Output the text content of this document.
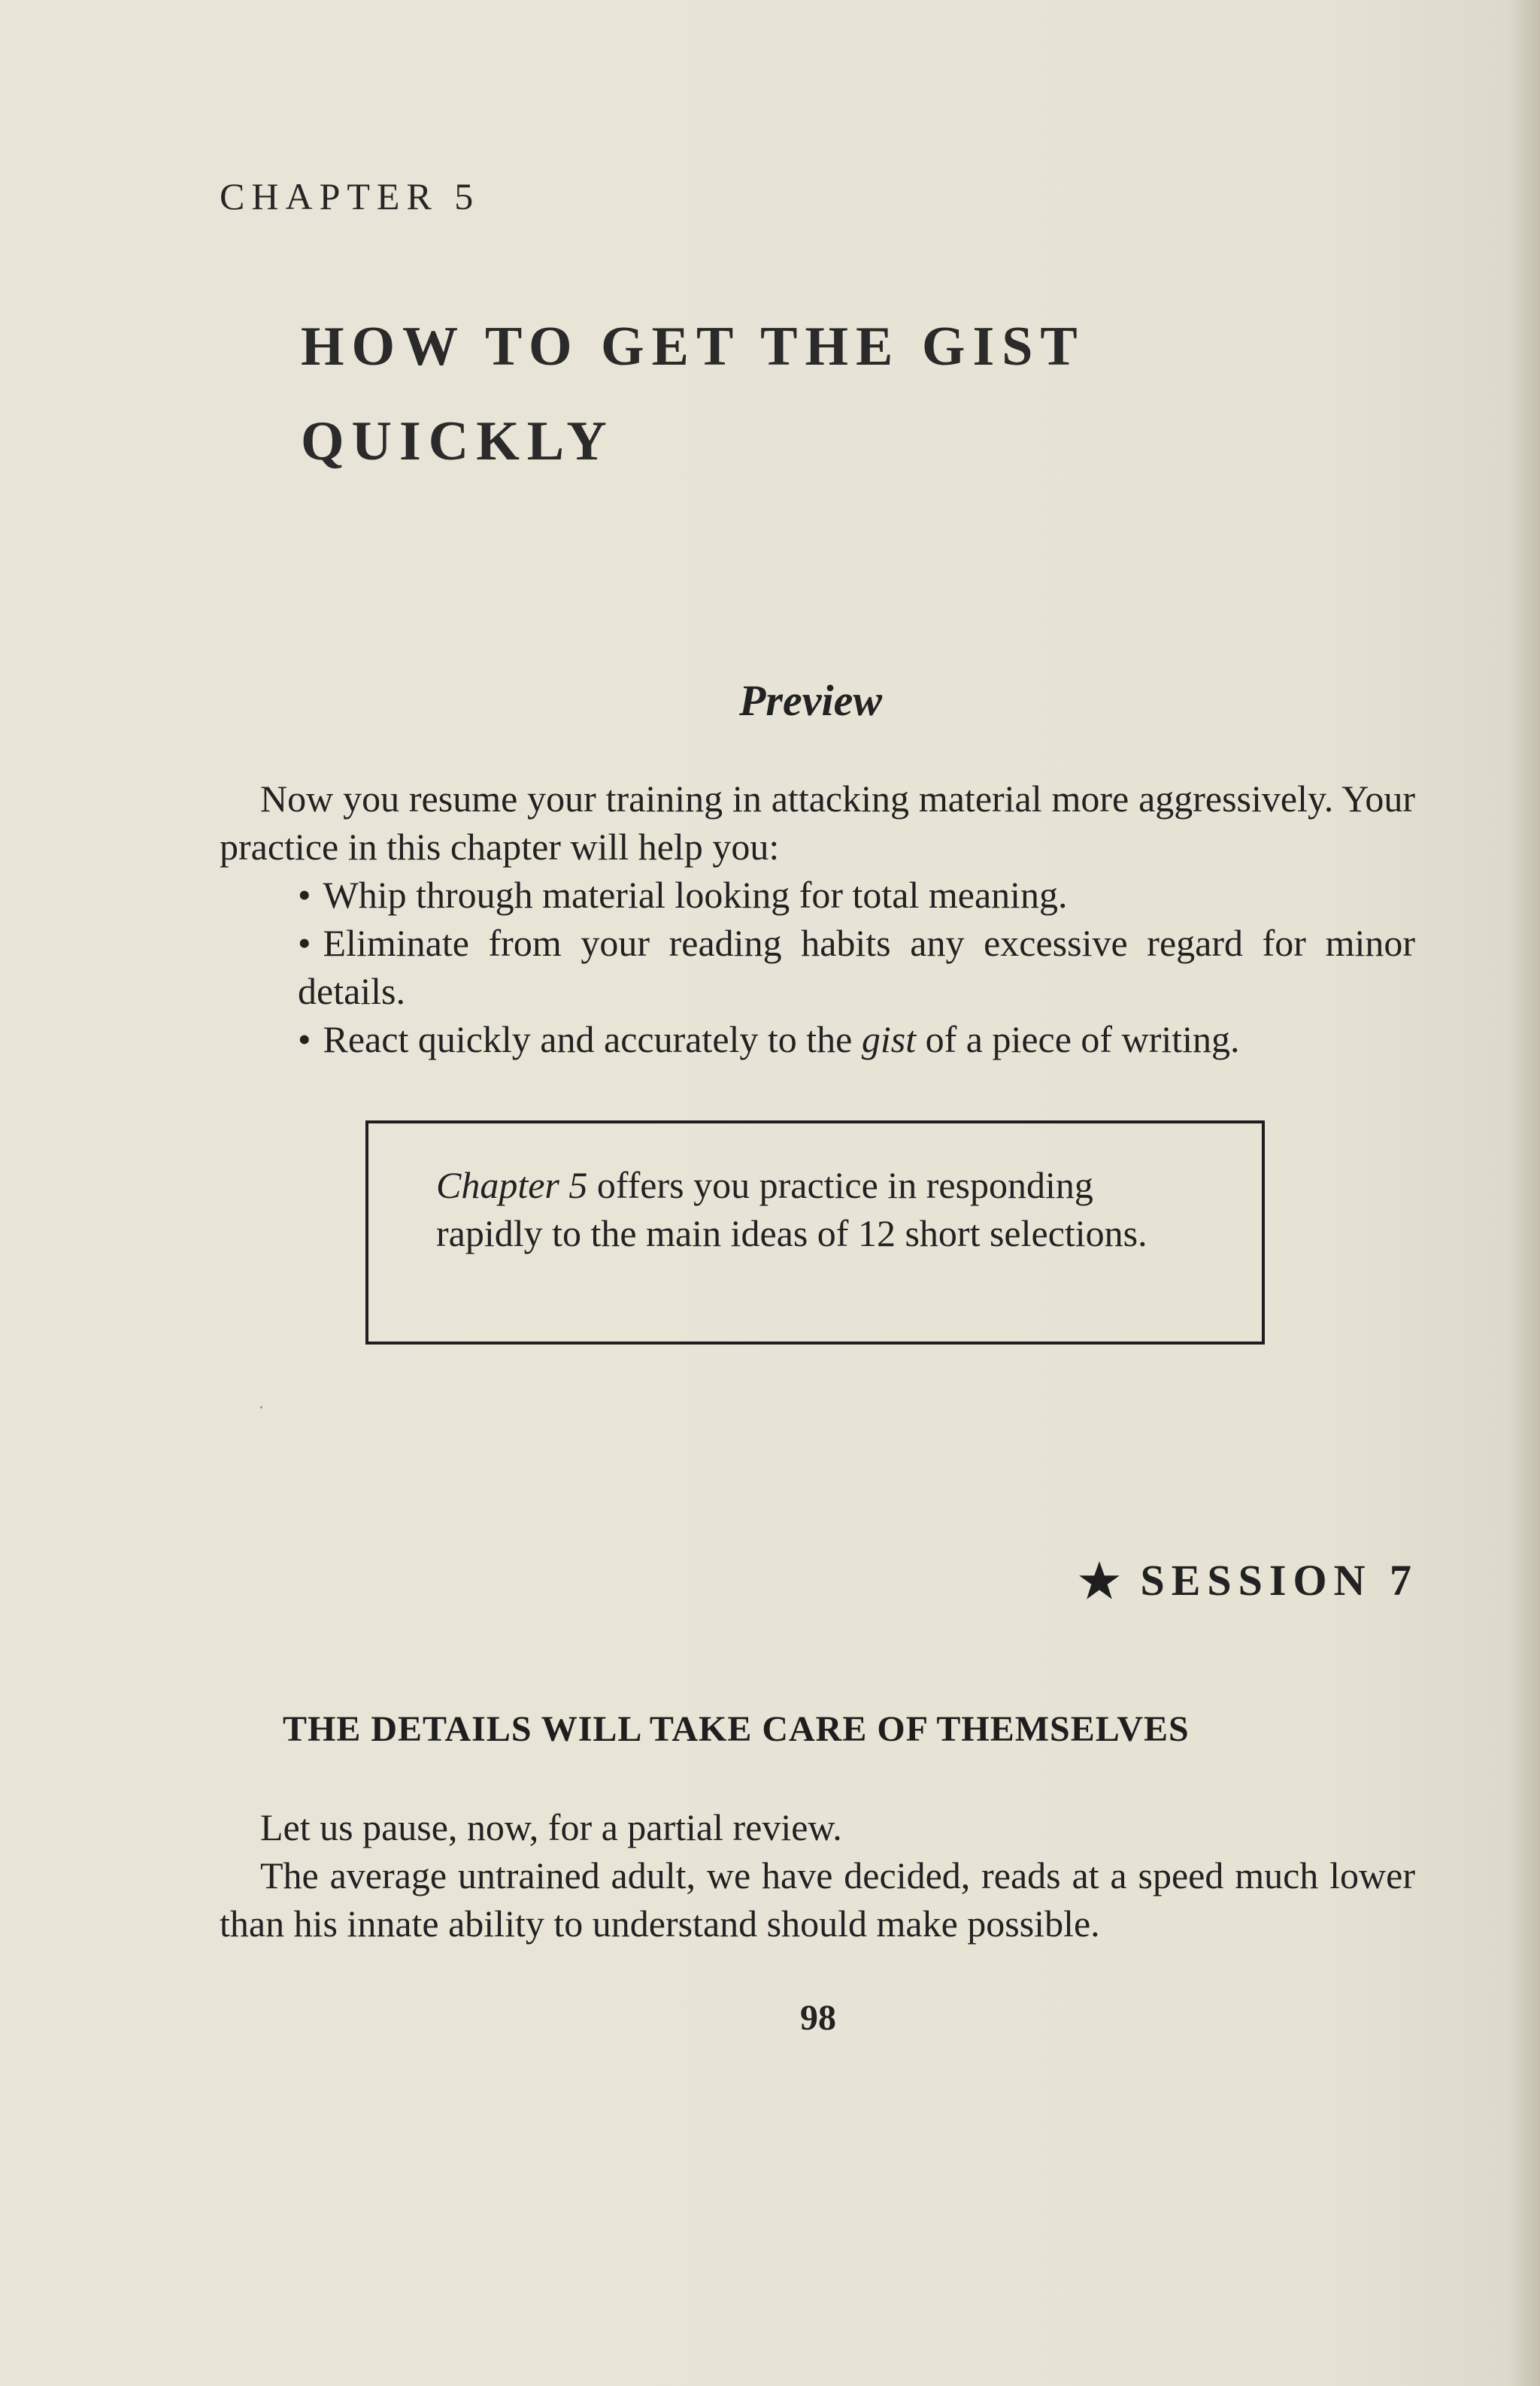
CHAPTER 5
HOW TO GET THE GIST
QUICKLY
Preview

Now you resume your training in attacking material more aggressively. Your practice in this chapter will help you:

• Whip through material looking for total meaning.
• Eliminate from your reading habits any excessive regard for minor details.
• React quickly and accurately to the gist of a piece of writing.
Chapter 5 offers you practice in responding rapidly to the main ideas of 12 short selections.
SESSION 7
THE DETAILS WILL TAKE CARE OF THEMSELVES

Let us pause, now, for a partial review.

The average untrained adult, we have decided, reads at a speed much lower than his innate ability to understand should make possible.

98
